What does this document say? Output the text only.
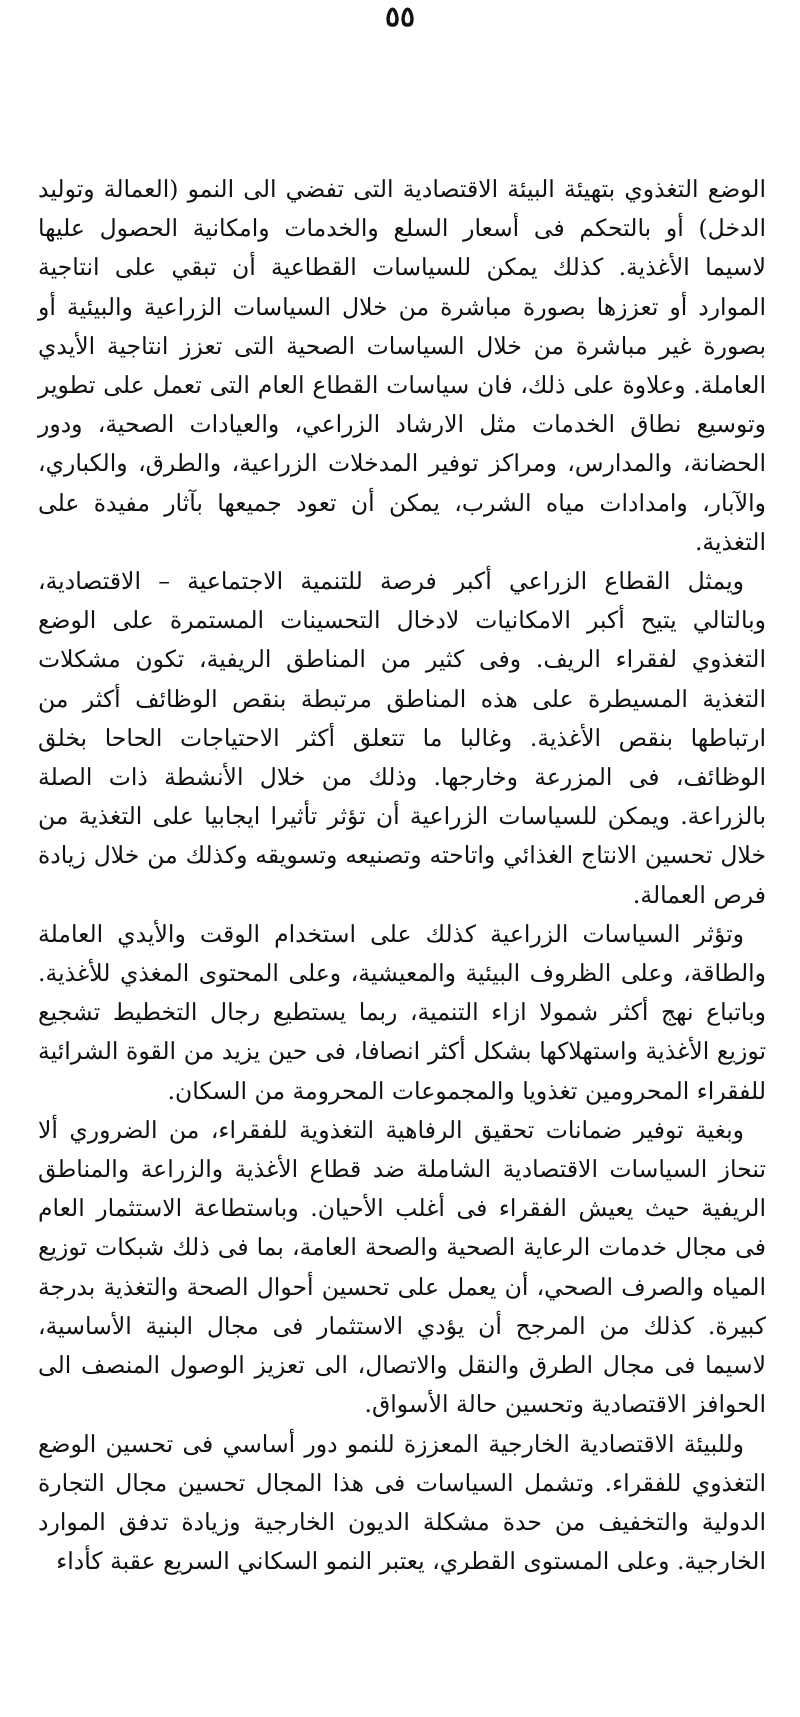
٥٥

الوضع التغذوي بتهيئة البيئة الاقتصادية التى تفضي الى النمو (العمالة وتوليد الدخل) أو بالتحكم فى أسعار السلع والخدمات وامكانية الحصول عليها لاسيما الأغذية. كذلك يمكن للسياسات القطاعية أن تبقي على انتاجية الموارد أو تعززها بصورة مباشرة من خلال السياسات الزراعية والبيئية أو بصورة غير مباشرة من خلال السياسات الصحية التى تعزز انتاجية الأيدي العاملة. وعلاوة على ذلك، فان سياسات القطاع العام التى تعمل على تطوير وتوسيع نطاق الخدمات مثل الارشاد الزراعي، والعيادات الصحية، ودور الحضانة، والمدارس، ومراكز توفير المدخلات الزراعية، والطرق، والكباري، والآبار، وامدادات مياه الشرب، يمكن أن تعود جميعها بآثار مفيدة على التغذية.

ويمثل القطاع الزراعي أكبر فرصة للتنمية الاجتماعية – الاقتصادية، وبالتالي يتيح أكبر الامكانيات لادخال التحسينات المستمرة على الوضع التغذوي لفقراء الريف. وفى كثير من المناطق الريفية، تكون مشكلات التغذية المسيطرة على هذه المناطق مرتبطة بنقص الوظائف أكثر من ارتباطها بنقص الأغذية. وغالبا ما تتعلق أكثر الاحتياجات الحاحا بخلق الوظائف، فى المزرعة وخارجها. وذلك من خلال الأنشطة ذات الصلة بالزراعة. ويمكن للسياسات الزراعية أن تؤثر تأثيرا ايجابيا على التغذية من خلال تحسين الانتاج الغذائي واتاحته وتصنيعه وتسويقه وكذلك من خلال زيادة فرص العمالة.

وتؤثر السياسات الزراعية كذلك على استخدام الوقت والأيدي العاملة والطاقة، وعلى الظروف البيئية والمعيشية، وعلى المحتوى المغذي للأغذية. وباتباع نهج أكثر شمولا ازاء التنمية، ربما يستطيع رجال التخطيط تشجيع توزيع الأغذية واستهلاكها بشكل أكثر انصافا، فى حين يزيد من القوة الشرائية للفقراء المحرومين تغذويا والمجموعات المحرومة من السكان.

وبغية توفير ضمانات تحقيق الرفاهية التغذوية للفقراء، من الضروري ألا تنحاز السياسات الاقتصادية الشاملة ضد قطاع الأغذية والزراعة والمناطق الريفية حيث يعيش الفقراء فى أغلب الأحيان. وباستطاعة الاستثمار العام فى مجال خدمات الرعاية الصحية والصحة العامة، بما فى ذلك شبكات توزيع المياه والصرف الصحي، أن يعمل على تحسين أحوال الصحة والتغذية بدرجة كبيرة. كذلك من المرجح أن يؤدي الاستثمار فى مجال البنية الأساسية، لاسيما فى مجال الطرق والنقل والاتصال، الى تعزيز الوصول المنصف الى الحوافز الاقتصادية وتحسين حالة الأسواق.

وللبيئة الاقتصادية الخارجية المعززة للنمو دور أساسي فى تحسين الوضع التغذوي للفقراء. وتشمل السياسات فى هذا المجال تحسين مجال التجارة الدولية والتخفيف من حدة مشكلة الديون الخارجية وزيادة تدفق الموارد الخارجية. وعلى المستوى القطري، يعتبر النمو السكاني السريع عقبة كأداء
